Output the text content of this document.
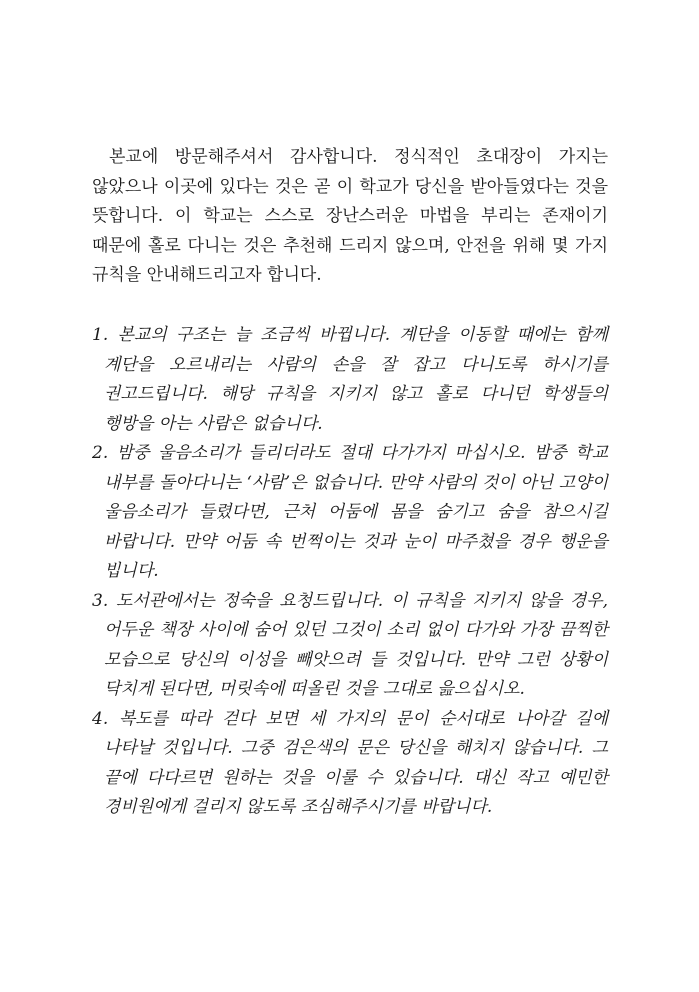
본교에 방문해주셔서 감사합니다. 정식적인 초대장이 가지는 않았으나 이곳에 있다는 것은 곧 이 학교가 당신을 받아들였다는 것을 뜻합니다. 이 학교는 스스로 장난스러운 마법을 부리는 존재이기 때문에 홀로 다니는 것은 추천해 드리지 않으며, 안전을 위해 몇 가지 규칙을 안내해드리고자 합니다.

1. 본교의 구조는 늘 조금씩 바뀝니다. 계단을 이동할 때에는 함께 계단을 오르내리는 사람의 손을 잘 잡고 다니도록 하시기를 권고드립니다. 해당 규칙을 지키지 않고 홀로 다니던 학생들의 행방을 아는 사람은 없습니다.
2. 밤중 울음소리가 들리더라도 절대 다가가지 마십시오. 밤중 학교 내부를 돌아다니는 ‘사람’은 없습니다. 만약 사람의 것이 아닌 고양이 울음소리가 들렸다면, 근처 어둠에 몸을 숨기고 숨을 참으시길 바랍니다. 만약 어둠 속 번쩍이는 것과 눈이 마주쳤을 경우 행운을 빕니다.
3. 도서관에서는 정숙을 요청드립니다. 이 규칙을 지키지 않을 경우, 어두운 책장 사이에 숨어 있던 그것이 소리 없이 다가와 가장 끔찍한 모습으로 당신의 이성을 빼앗으려 들 것입니다. 만약 그런 상황이 닥치게 된다면, 머릿속에 떠올린 것을 그대로 읊으십시오.
4. 복도를 따라 걷다 보면 세 가지의 문이 순서대로 나아갈 길에 나타날 것입니다. 그중 검은색의 문은 당신을 해치지 않습니다. 그 끝에 다다르면 원하는 것을 이룰 수 있습니다. 대신 작고 예민한 경비원에게 걸리지 않도록 조심해주시기를 바랍니다.
